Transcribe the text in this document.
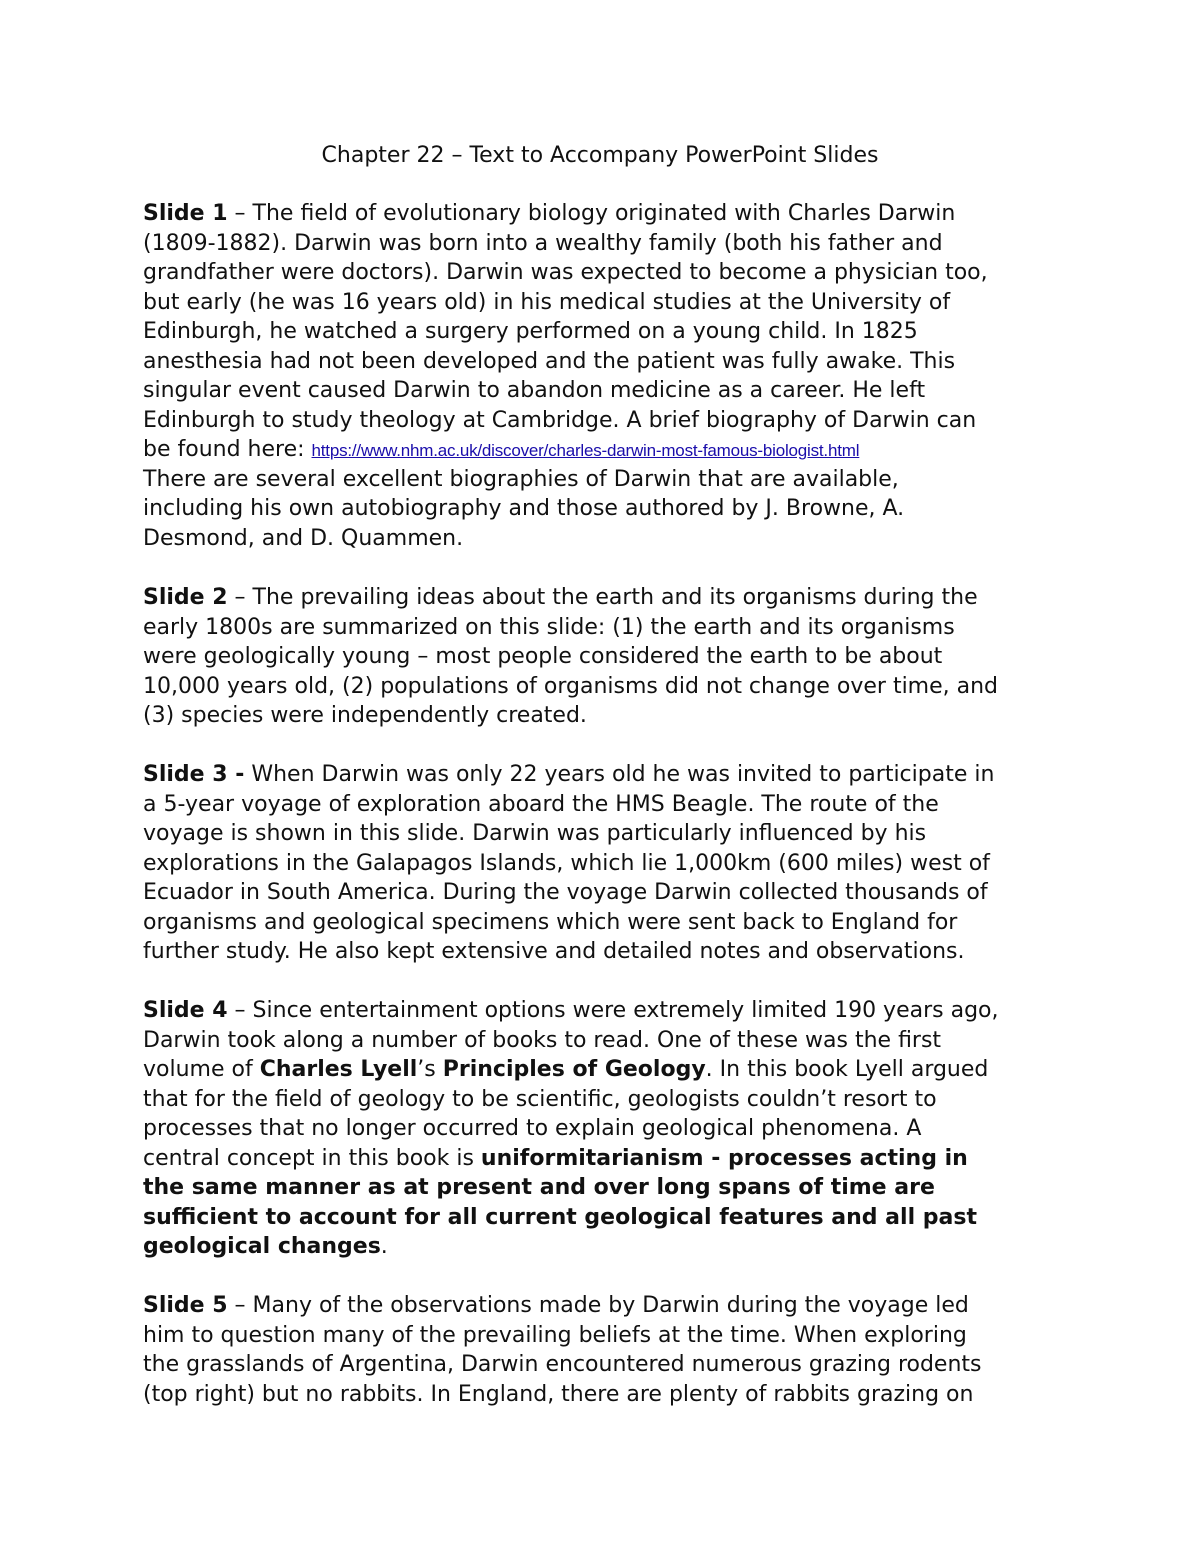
Chapter 22 – Text to Accompany PowerPoint Slides
Slide 1 – The field of evolutionary biology originated with Charles Darwin
(1809-1882). Darwin was born into a wealthy family (both his father and
grandfather were doctors). Darwin was expected to become a physician too,
but early (he was 16 years old) in his medical studies at the University of
Edinburgh, he watched a surgery performed on a young child. In 1825
anesthesia had not been developed and the patient was fully awake. This
singular event caused Darwin to abandon medicine as a career. He left
Edinburgh to study theology at Cambridge. A brief biography of Darwin can
be found here: https://www.nhm.ac.uk/discover/charles-darwin-most-famous-biologist.html
There are several excellent biographies of Darwin that are available,
including his own autobiography and those authored by J. Browne, A.
Desmond, and D. Quammen.
Slide 2 – The prevailing ideas about the earth and its organisms during the
early 1800s are summarized on this slide: (1) the earth and its organisms
were geologically young – most people considered the earth to be about
10,000 years old, (2) populations of organisms did not change over time, and
(3) species were independently created.
Slide 3 - When Darwin was only 22 years old he was invited to participate in
a 5-year voyage of exploration aboard the HMS Beagle. The route of the
voyage is shown in this slide. Darwin was particularly influenced by his
explorations in the Galapagos Islands, which lie 1,000km (600 miles) west of
Ecuador in South America. During the voyage Darwin collected thousands of
organisms and geological specimens which were sent back to England for
further study. He also kept extensive and detailed notes and observations.
Slide 4 – Since entertainment options were extremely limited 190 years ago,
Darwin took along a number of books to read. One of these was the first
volume of Charles Lyell’s Principles of Geology. In this book Lyell argued
that for the field of geology to be scientific, geologists couldn’t resort to
processes that no longer occurred to explain geological phenomena. A
central concept in this book is uniformitarianism - processes acting in
the same manner as at present and over long spans of time are
sufficient to account for all current geological features and all past
geological changes.
Slide 5 – Many of the observations made by Darwin during the voyage led
him to question many of the prevailing beliefs at the time. When exploring
the grasslands of Argentina, Darwin encountered numerous grazing rodents
(top right) but no rabbits. In England, there are plenty of rabbits grazing on
